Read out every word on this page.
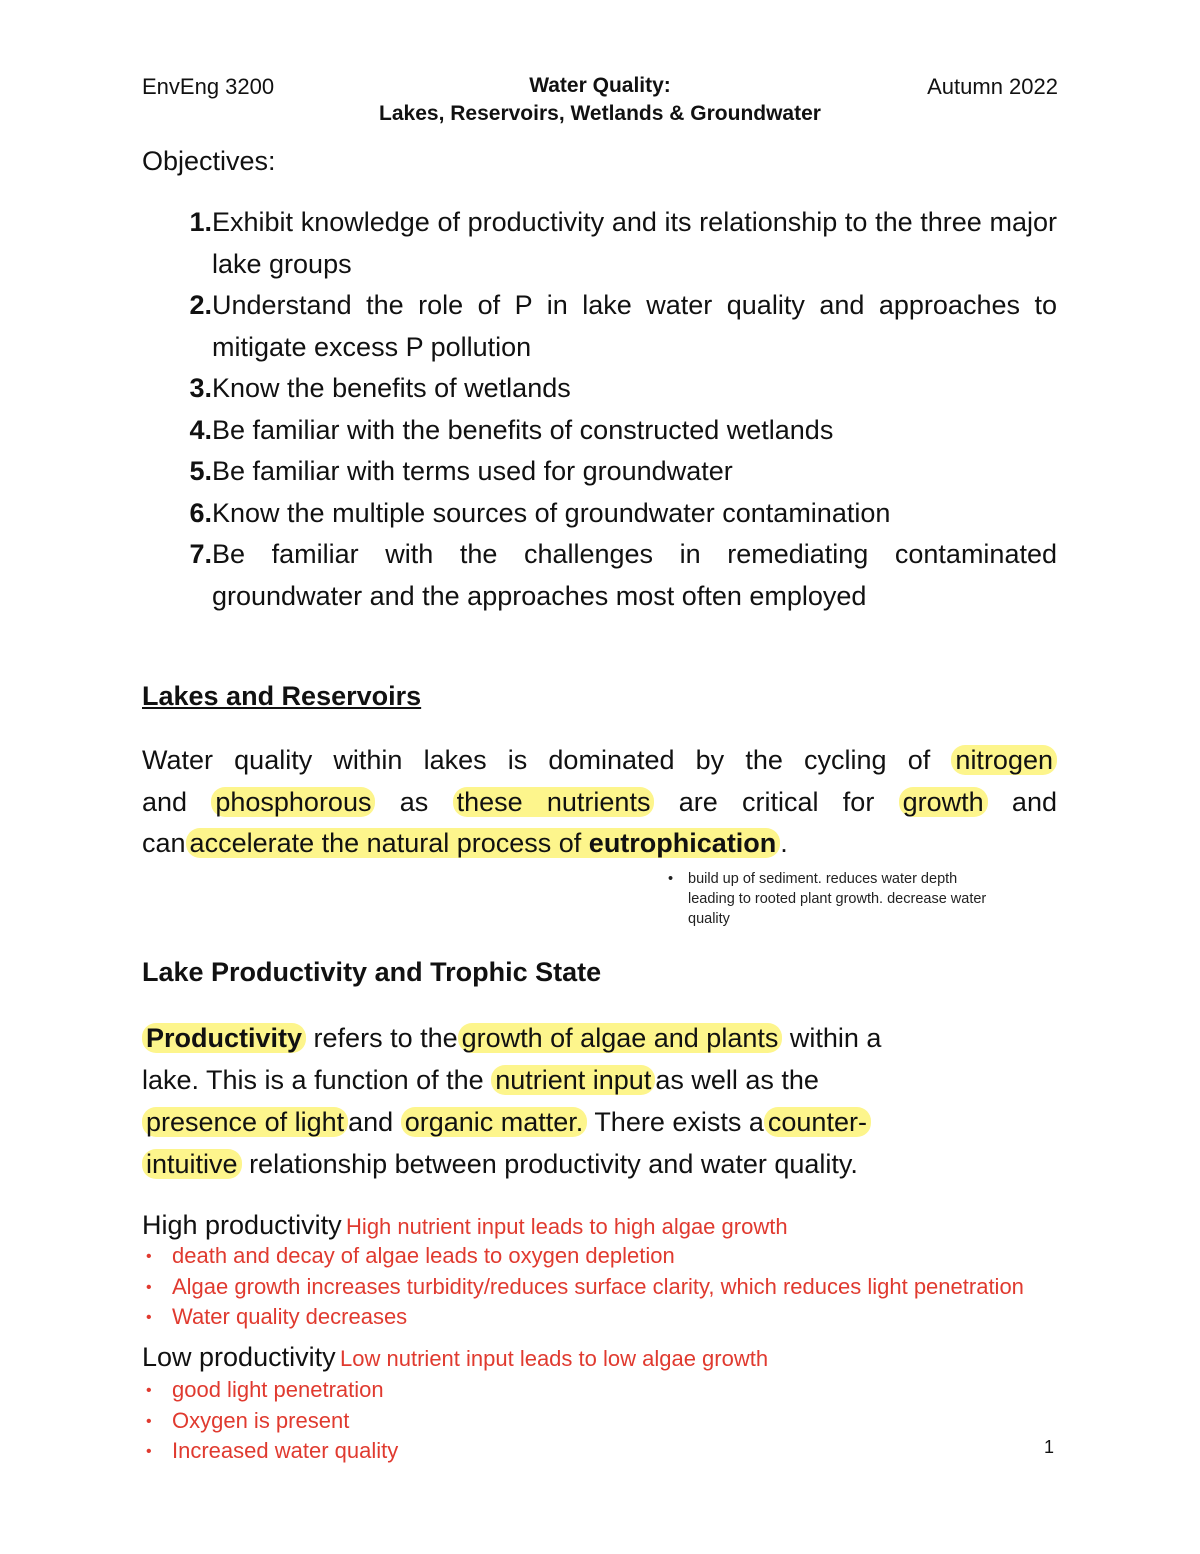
EnvEng 3200	Water Quality:
Lakes, Reservoirs, Wetlands & Groundwater
Autumn 2022
Objectives:
1. Exhibit knowledge of productivity and its relationship to the three major lake groups
2. Understand the role of P in lake water quality and approaches to mitigate excess P pollution
3. Know the benefits of wetlands
4. Be familiar with the benefits of constructed wetlands
5. Be familiar with terms used for groundwater
6. Know the multiple sources of groundwater contamination
7. Be familiar with the challenges in remediating contaminated groundwater and the approaches most often employed
Lakes and Reservoirs
Water quality within lakes is dominated by the cycling of nitrogen
and phosphorous as these nutrients are critical for growth and
can accelerate the natural process of eutrophication .
•	build up of sediment. reduces water depth leading to rooted plant growth. decrease water quality
Lake Productivity and Trophic State
Productivity refers to the growth of algae and plants within a
lake. This is a function of the nutrient input as well as the
presence of light and organic matter. There exists a counter-
intuitive relationship between productivity and water quality.
High productivity High nutrient input leads to high algae growth
• death and decay of algae leads to oxygen depletion
• Algae growth increases turbidity/reduces surface clarity, which reduces light penetration
• Water quality decreases
Low productivity Low nutrient input leads to low algae growth
• good light penetration
• Oxygen is present
• Increased water quality	1
